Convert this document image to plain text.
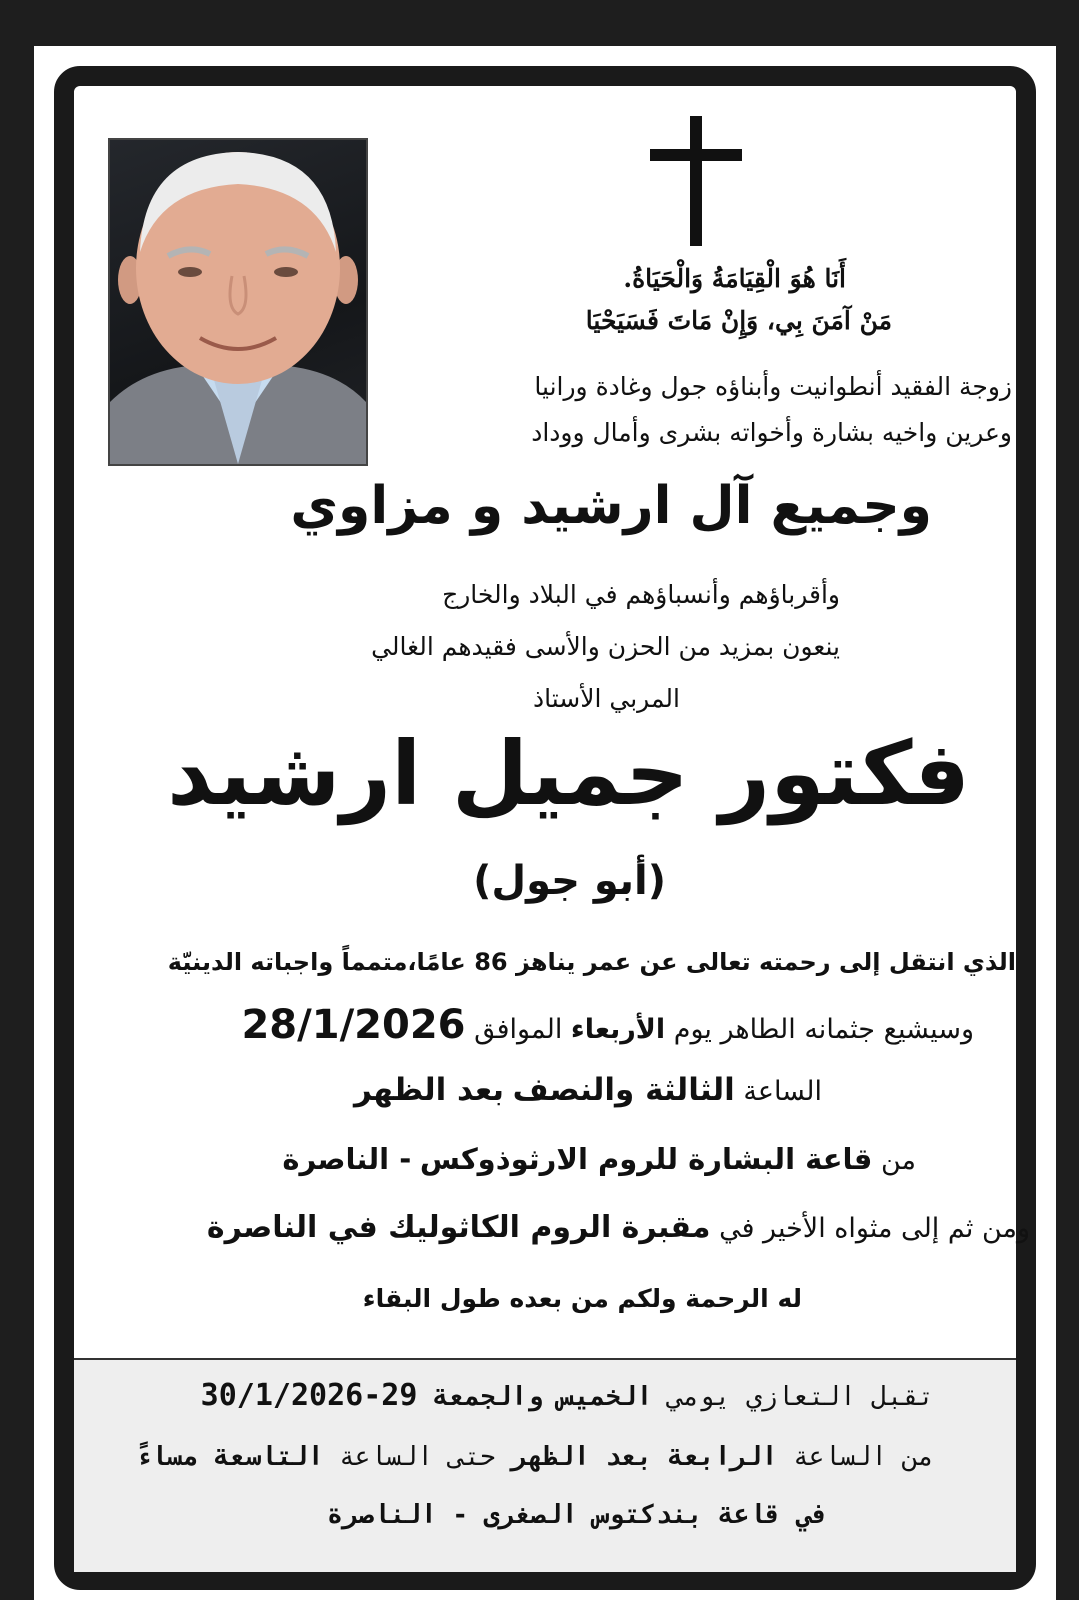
أَنَا هُوَ الْقِيَامَةُ وَالْحَيَاةُ.
مَنْ آمَنَ بِي، وَإِنْ مَاتَ فَسَيَحْيَا
زوجة الفقيد أنطوانيت وأبناؤه جول وغادة ورانيا
وعرين واخيه بشارة وأخواته بشرى وأمال ووداد
وجميع آل ارشيد و مزاوي
وأقرباؤهم وأنسباؤهم في البلاد والخارج
ينعون بمزيد من الحزن والأسى فقيدهم الغالي
المربي الأستاذ
فكتور جميل ارشيد
(أبو جول)
الذي انتقل إلى رحمته تعالى عن عمر يناهز 86 عامًا،متمماً واجباته الدينيّة
وسيشيع جثمانه الطاهر يوم الأربعاء الموافق 28/1/2026
الساعة الثالثة والنصف بعد الظهر
من قاعة البشارة للروم الارثوذوكس - الناصرة
ومن ثم إلى مثواه الأخير في مقبرة الروم الكاثوليك في الناصرة
له الرحمة ولكم من بعده طول البقاء
تقبل التعازي يومي الخميس والجمعة 29-30/1/2026
من الساعة الرابعة بعد الظهر حتى الساعة التاسعة مساءً
في قاعة بندكتوس الصغرى - الناصرة
